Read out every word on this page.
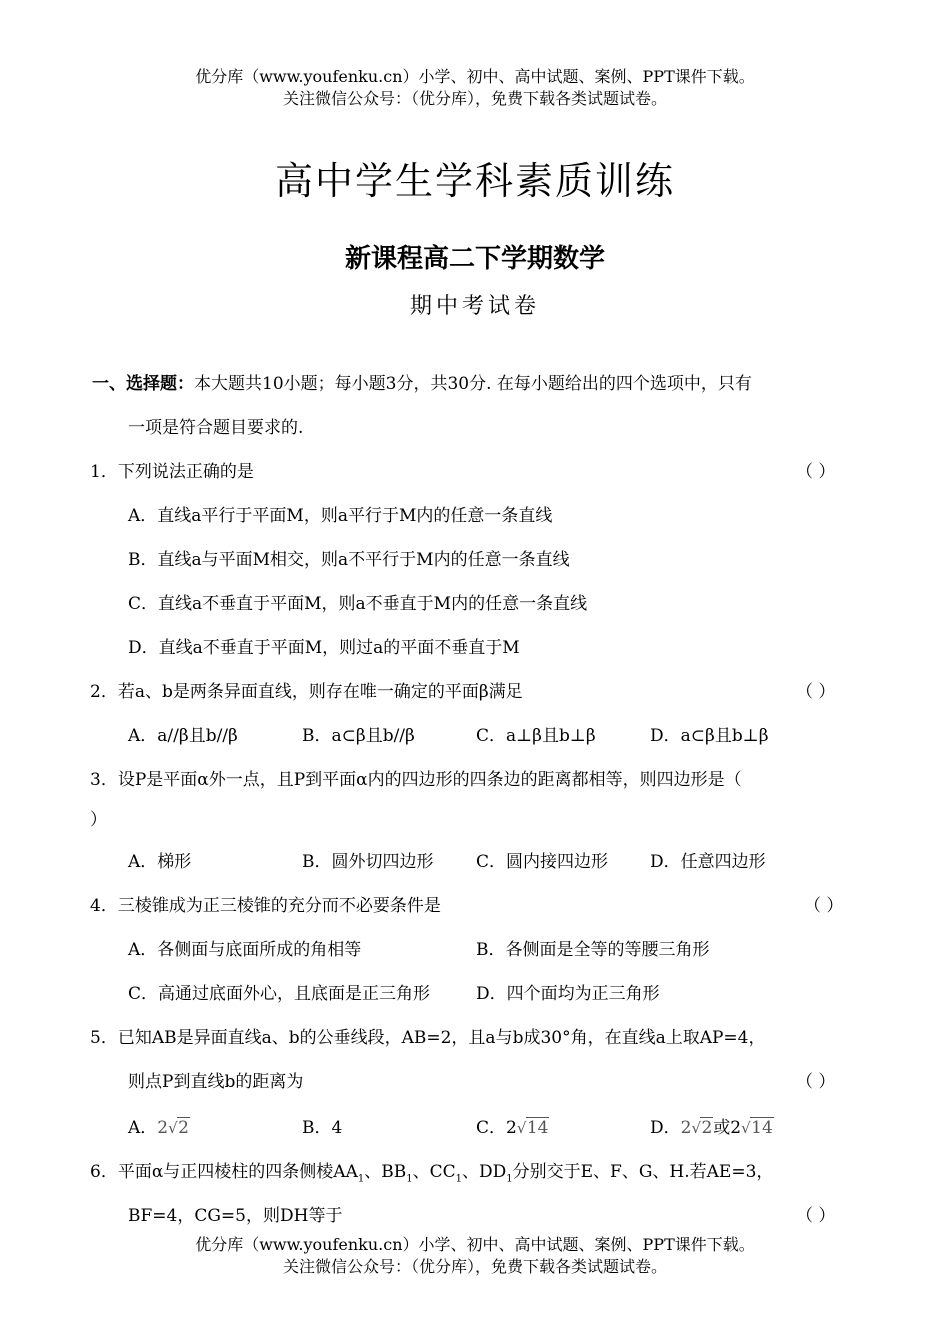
优分库（www.youfenku.cn）小学、初中、高中试题、案例、PPT课件下载。
关注微信公众号：（优分库），免费下载各类试题试卷。
高中学生学科素质训练
新课程高二下学期数学
期中考试卷
一、选择题：本大题共10小题；每小题3分，共30分. 在每小题给出的四个选项中，只有
一项是符合题目要求的.
1．下列说法正确的是	（ ）
A．直线a平行于平面M，则a平行于M内的任意一条直线
B．直线a与平面M相交，则a不平行于M内的任意一条直线
C．直线a不垂直于平面M，则a不垂直于M内的任意一条直线
D．直线a不垂直于平面M，则过a的平面不垂直于M
2．若a、b是两条异面直线，则存在唯一确定的平面β满足	（ ）
A．a//β且b//β	B．a⊂β且b//β	C．a⊥β且b⊥β	D．a⊂β且b⊥β
3．设P是平面α外一点，且P到平面α内的四边形的四条边的距离都相等，则四边形是（
）
A．梯形	B．圆外切四边形	C．圆内接四边形 D．任意四边形
4．三棱锥成为正三棱锥的充分而不必要条件是	（ ）
A．各侧面与底面所成的角相等	B．各侧面是全等的等腰三角形
C．高通过底面外心，且底面是正三角形	D．四个面均为正三角形
5．已知AB是异面直线a、b的公垂线段，AB=2，且a与b成30°角，在直线a上取AP=4，
则点P到直线b的距离为	（ ）
A．2 √ 2	B．4	C．2 √ 14	D．2 √ 2或2 √ 14
6．平面α与正四棱柱的四条侧棱$AA_1$、$BB_1$、$CC_1$、$DD_1$分别交于E、F、G、H.若AE=3，
BF=4，CG=5，则DH等于	（ ）
优分库（www.youfenku.cn）小学、初中、高中试题、案例、PPT课件下载。
关注微信公众号：（优分库），免费下载各类试题试卷。
